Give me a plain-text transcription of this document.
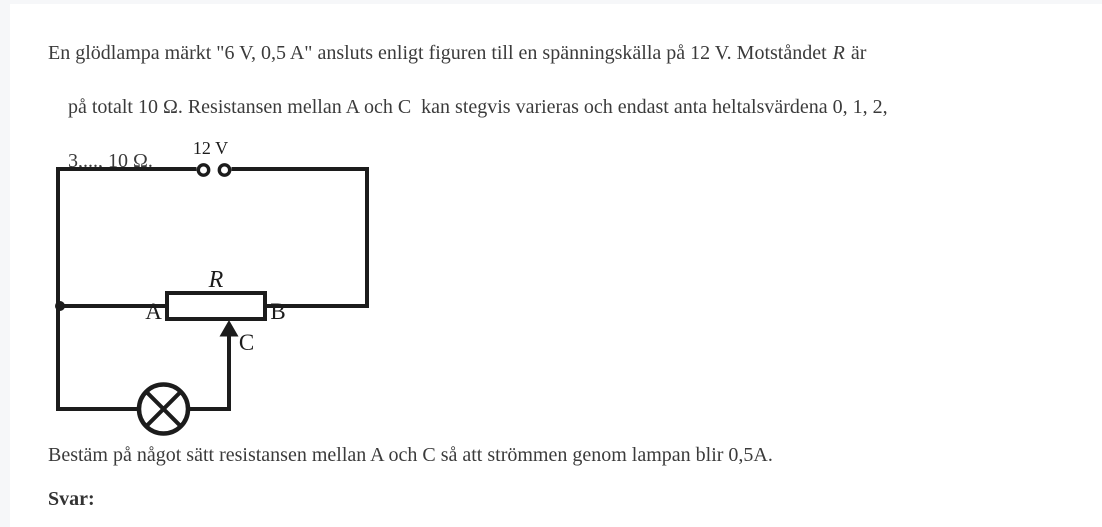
En glödlampa märkt "6 V, 0,5 A" ansluts enligt figuren till en spänningskälla på 12 V. Motståndet R är

på totalt 10 Ω. Resistansen mellan A och C  kan stegvis varieras och endast anta heltalsvärdena 0, 1, 2,

3,..., 10 Ω.

12 V
R
A	B
C
Bestäm på något sätt resistansen mellan A och C så att strömmen genom lampan blir 0,5A.
Svar:
